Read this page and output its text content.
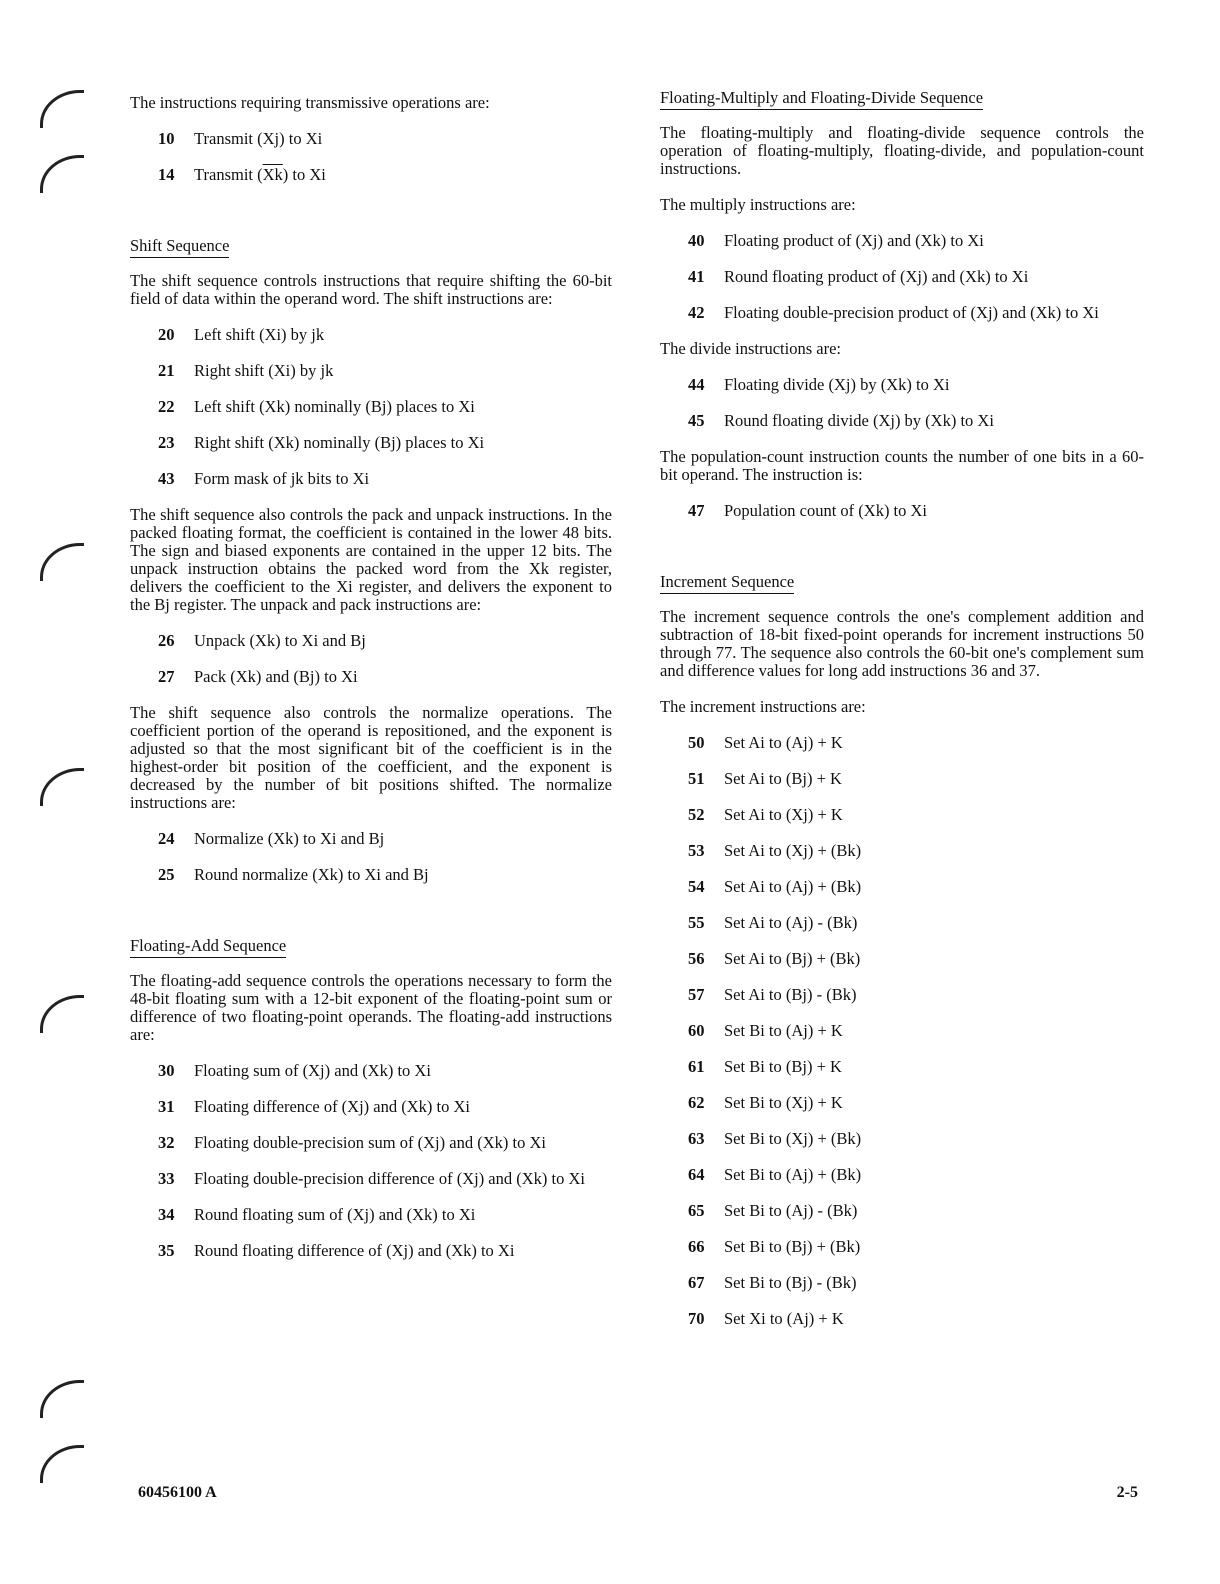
The instructions requiring transmissive operations are:

10	Transmit (Xj) to Xi
14	Transmit $(\overline{Xk})$ to Xi
Shift Sequence

The shift sequence controls instructions that require shifting the 60-bit field of data within the operand word. The shift instructions are:

20	Left shift (Xi) by jk
21	Right shift (Xi) by jk
22	Left shift (Xk) nominally (Bj) places to Xi
23	Right shift (Xk) nominally (Bj) places to Xi
43	Form mask of jk bits to Xi

The shift sequence also controls the pack and unpack instructions. In the packed floating format, the coefficient is contained in the lower 48 bits. The sign and biased exponents are contained in the upper 12 bits. The unpack instruction obtains the packed word from the Xk register, delivers the coefficient to the Xi register, and delivers the exponent to the Bj register. The unpack and pack instructions are:

26	Unpack (Xk) to Xi and Bj
27	Pack (Xk) and (Bj) to Xi

The shift sequence also controls the normalize operations. The coefficient portion of the operand is repositioned, and the exponent is adjusted so that the most significant bit of the coefficient is in the highest-order bit position of the coefficient, and the exponent is decreased by the number of bit positions shifted. The normalize instructions are:

24	Normalize (Xk) to Xi and Bj
25	Round normalize (Xk) to Xi and Bj
Floating-Add Sequence

The floating-add sequence controls the operations necessary to form the 48-bit floating sum with a 12-bit exponent of the floating-point sum or difference of two floating-point operands. The floating-add instructions are:

30	Floating sum of (Xj) and (Xk) to Xi
31	Floating difference of (Xj) and (Xk) to Xi
32	Floating double-precision sum of (Xj) and (Xk) to Xi
33	Floating double-precision difference of (Xj) and (Xk) to Xi
34	Round floating sum of (Xj) and (Xk) to Xi
35	Round floating difference of (Xj) and (Xk) to Xi
Floating-Multiply and Floating-Divide Sequence

The floating-multiply and floating-divide sequence controls the operation of floating-multiply, floating-divide, and population-count instructions.

The multiply instructions are:

40	Floating product of (Xj) and (Xk) to Xi
41	Round floating product of (Xj) and (Xk) to Xi
42	Floating double-precision product of (Xj) and (Xk) to Xi

The divide instructions are:

44	Floating divide (Xj) by (Xk) to Xi
45	Round floating divide (Xj) by (Xk) to Xi

The population-count instruction counts the number of one bits in a 60-bit operand. The instruction is:

47	Population count of (Xk) to Xi
Increment Sequence

The increment sequence controls the one's complement addition and subtraction of 18-bit fixed-point operands for increment instructions 50 through 77. The sequence also controls the 60-bit one's complement sum and difference values for long add instructions 36 and 37.

The increment instructions are:

50	Set Ai to (Aj) + K
51	Set Ai to (Bj) + K
52	Set Ai to (Xj) + K
53	Set Ai to (Xj) + (Bk)
54	Set Ai to (Aj) + (Bk)
55	Set Ai to (Aj) - (Bk)
56	Set Ai to (Bj) + (Bk)
57	Set Ai to (Bj) - (Bk)
60	Set Bi to (Aj) + K
61	Set Bi to (Bj) + K
62	Set Bi to (Xj) + K
63	Set Bi to (Xj) + (Bk)
64	Set Bi to (Aj) + (Bk)
65	Set Bi to (Aj) - (Bk)
66	Set Bi to (Bj) + (Bk)
67	Set Bi to (Bj) - (Bk)
70	Set Xi to (Aj) + K
60456100 A	2-5
